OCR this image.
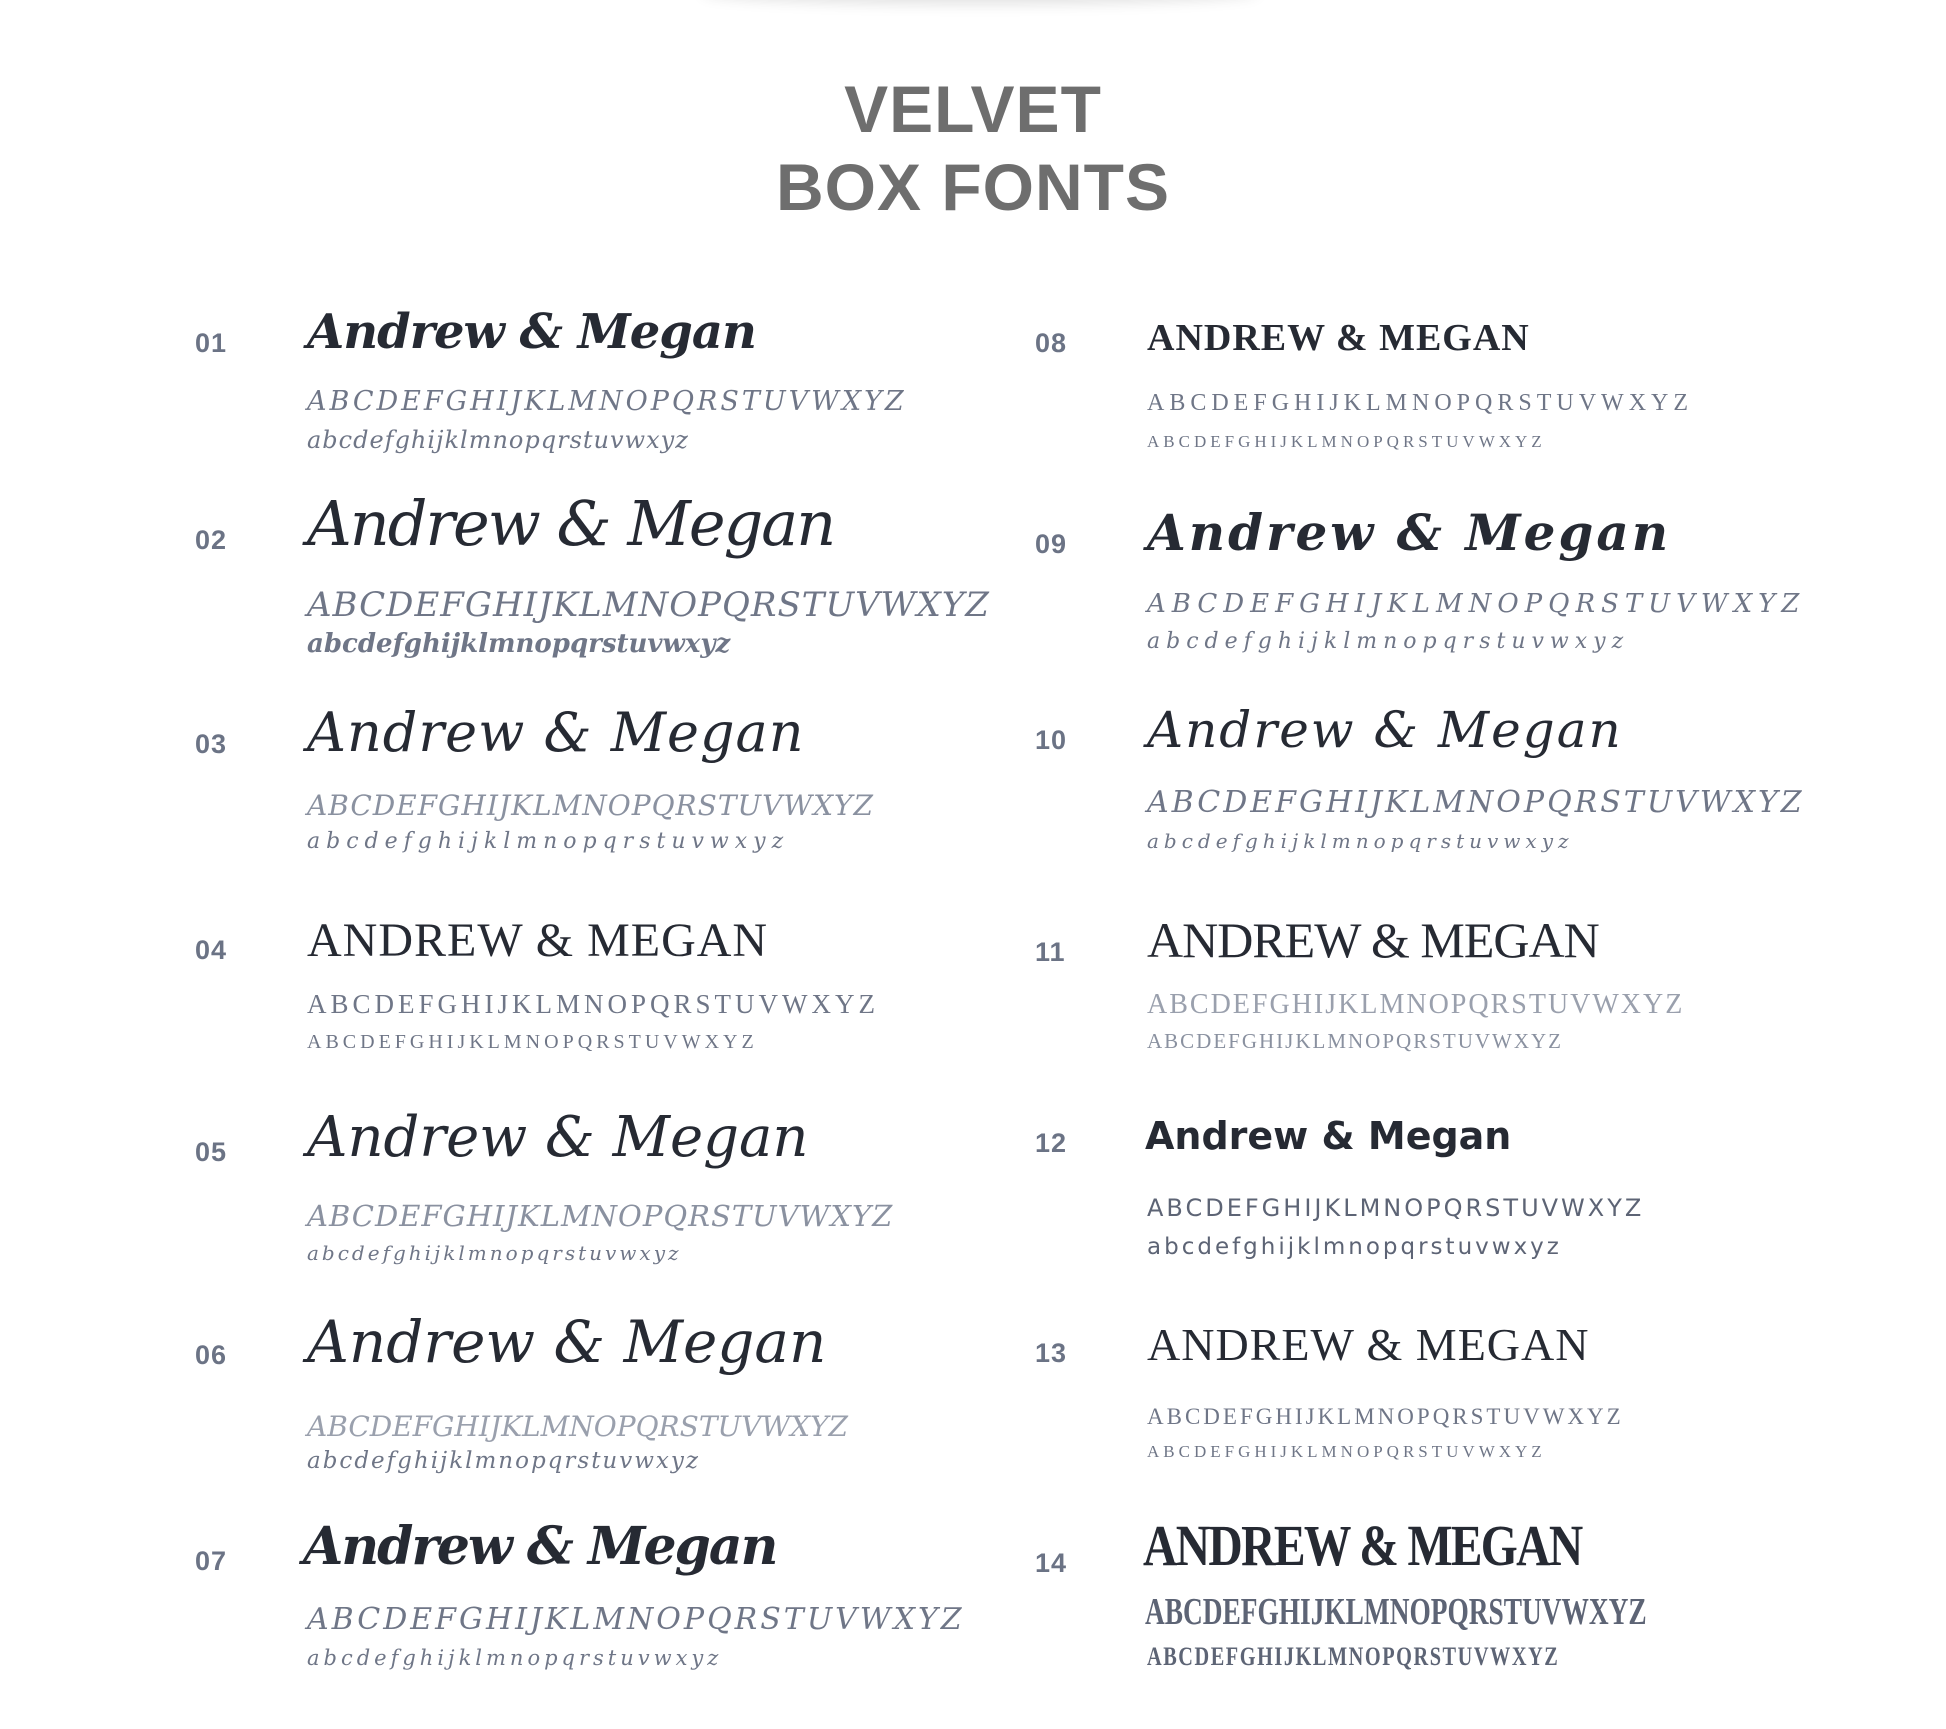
VELVET
BOX FONTS
01 Andrew & Megan
ABCDEFGHIJKLMNOPQRSTUVWXYZ
abcdefghijklmnopqrstuvwxyz
02 Andrew & Megan
ABCDEFGHIJKLMNOPQRSTUVWXYZ
abcdefghijklmnopqrstuvwxyz
03 Andrew & Megan
ABCDEFGHIJKLMNOPQRSTUVWXYZ
abcdefghijklmnopqrstuvwxyz
04 ANDREW & MEGAN
ABCDEFGHIJKLMNOPQRSTUVWXYZ
ABCDEFGHIJKLMNOPQRSTUVWXYZ
05 Andrew & Megan
ABCDEFGHIJKLMNOPQRSTUVWXYZ
abcdefghijklmnopqrstuvwxyz
06 Andrew & Megan
ABCDEFGHIJKLMNOPQRSTUVWXYZ
abcdefghijklmnopqrstuvwxyz
07 Andrew & Megan
ABCDEFGHIJKLMNOPQRSTUVWXYZ
abcdefghijklmnopqrstuvwxyz
08 ANDREW & MEGAN
ABCDEFGHIJKLMNOPQRSTUVWXYZ
ABCDEFGHIJKLMNOPQRSTUVWXYZ
09 Andrew & Megan
ABCDEFGHIJKLMNOPQRSTUVWXYZ
abcdefghijklmnopqrstuvwxyz
10 Andrew & Megan
ABCDEFGHIJKLMNOPQRSTUVWXYZ
abcdefghijklmnopqrstuvwxyz
11 ANDREW & MEGAN
ABCDEFGHIJKLMNOPQRSTUVWXYZ
ABCDEFGHIJKLMNOPQRSTUVWXYZ
12 Andrew & Megan
ABCDEFGHIJKLMNOPQRSTUVWXYZ
abcdefghijklmnopqrstuvwxyz
13 ANDREW & MEGAN
ABCDEFGHIJKLMNOPQRSTUVWXYZ
ABCDEFGHIJKLMNOPQRSTUVWXYZ
14 ANDREW & MEGAN
ABCDEFGHIJKLMNOPQRSTUVWXYZ
ABCDEFGHIJKLMNOPQRSTUVWXYZ
